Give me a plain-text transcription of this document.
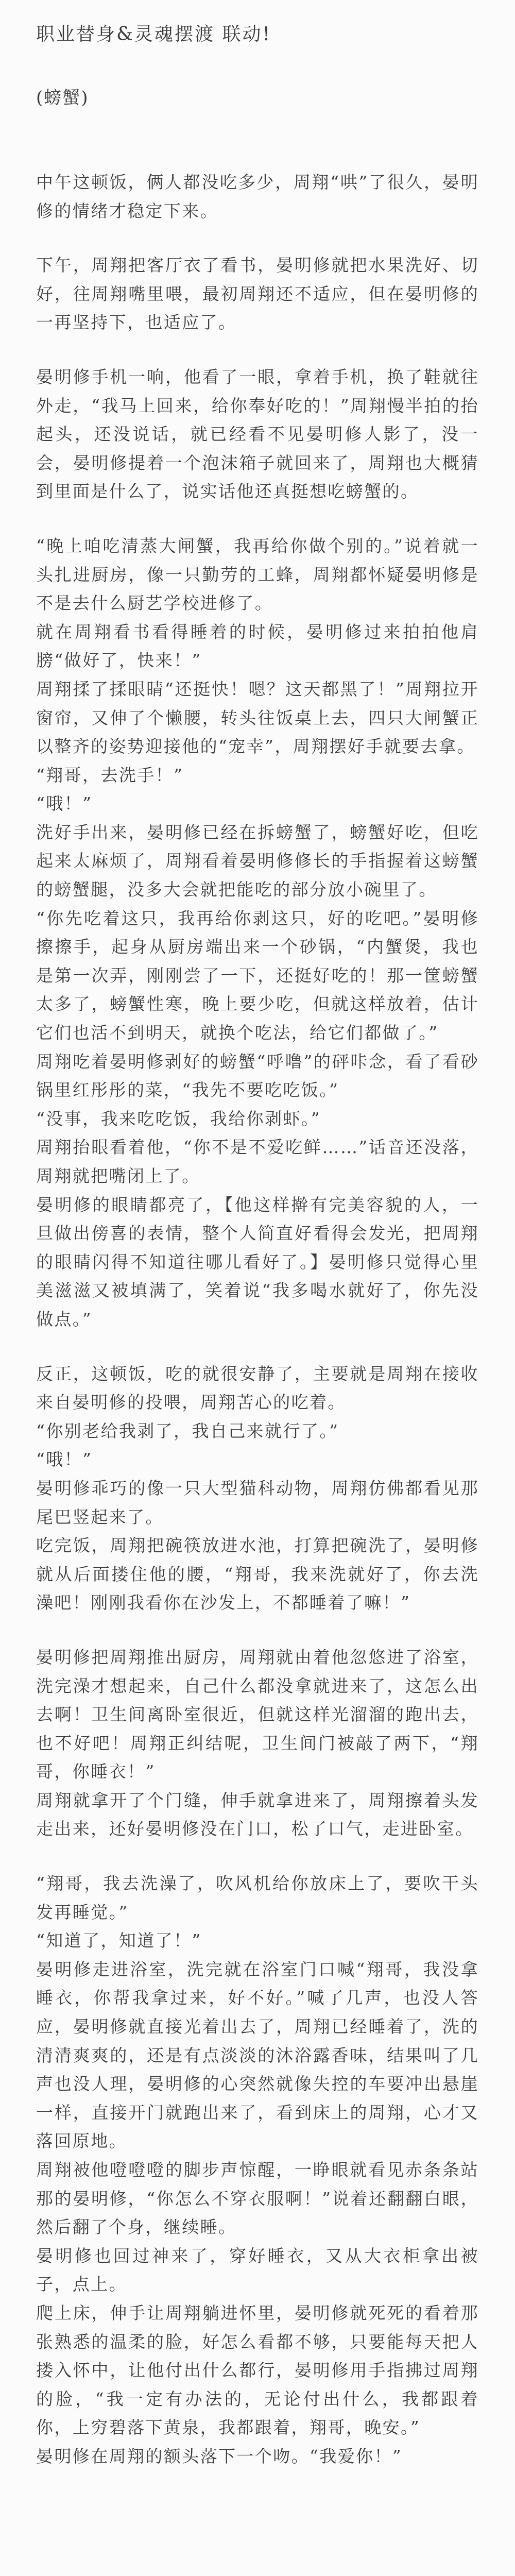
职业替身&灵魂摆渡 联动!
(螃蟹)

中午这顿饭，俩人都没吃多少，周翔“哄”了很久，晏明修的情绪才稳定下来。

下午，周翔把客厅衣了看书，晏明修就把水果洗好、切好，往周翔嘴里喂，最初周翔还不适应，但在晏明修的一再坚持下，也适应了。

晏明修手机一响，他看了一眼，拿着手机，换了鞋就往外走，“我马上回来，给你奉好吃的！”周翔慢半拍的抬起头，还没说话，就已经看不见晏明修人影了，没一会，晏明修提着一个泡沫箱子就回来了，周翔也大概猜到里面是什么了，说实话他还真挺想吃螃蟹的。

“晚上咱吃清蒸大闸蟹，我再给你做个别的。”说着就一头扎进厨房，像一只勤劳的工蜂，周翔都怀疑晏明修是不是去什么厨艺学校进修了。

就在周翔看书看得睡着的时候，晏明修过来拍拍他肩膀“做好了，快来！”

周翔揉了揉眼睛“还挺快！嗯？这天都黑了！”周翔拉开窗帘，又伸了个懒腰，转头往饭桌上去，四只大闸蟹正以整齐的姿势迎接他的“宠幸”，周翔摆好手就要去拿。

“翔哥，去洗手！”

“哦！”

洗好手出来，晏明修已经在拆螃蟹了，螃蟹好吃，但吃起来太麻烦了，周翔看着晏明修修长的手指握着这螃蟹的螃蟹腿，没多大会就把能吃的部分放小碗里了。

“你先吃着这只，我再给你剥这只，好的吃吧。”晏明修擦擦手，起身从厨房端出来一个砂锅，“内蟹煲，我也是第一次弄，刚刚尝了一下，还挺好吃的！那一筐螃蟹太多了，螃蟹性寒，晚上要少吃，但就这样放着，估计它们也活不到明天，就换个吃法，给它们都做了。”

周翔吃着晏明修剥好的螃蟹“呼噜”的砰咔念，看了看砂锅里红彤彤的菜，“我先不要吃吃饭。”

“没事，我来吃吃饭，我给你剥虾。”

周翔抬眼看着他，“你不是不爱吃鲜……”话音还没落，周翔就把嘴闭上了。

晏明修的眼睛都亮了，【他这样擀有完美容貌的人，一旦做出傍喜的表情，整个人简直好看得会发光，把周翔的眼睛闪得不知道往哪儿看好了。】晏明修只觉得心里美滋滋又被填满了，笑着说“我多喝水就好了，你先没做点。”

反正，这顿饭，吃的就很安静了，主要就是周翔在接收来自晏明修的投喂，周翔苦心的吃着。

“你别老给我剥了，我自己来就行了。”

“哦！”

晏明修乖巧的像一只大型猫科动物，周翔仿佛都看见那尾巴竖起来了。

吃完饭，周翔把碗筷放进水池，打算把碗洗了，晏明修就从后面搂住他的腰，“翔哥，我来洗就好了，你去洗澡吧！刚刚我看你在沙发上，不都睡着了嘛！”

晏明修把周翔推出厨房，周翔就由着他忽悠进了浴室，洗完澡才想起来，自己什么都没拿就进来了，这怎么出去啊！卫生间离卧室很近，但就这样光溜溜的跑出去，也不好吧！周翔正纠结呢，卫生间门被敲了两下，“翔哥，你睡衣！”

周翔就拿开了个门缝，伸手就拿进来了，周翔擦着头发走出来，还好晏明修没在门口，松了口气，走进卧室。

“翔哥，我去洗澡了，吹风机给你放床上了，要吹干头发再睡觉。”

“知道了，知道了！”

晏明修走进浴室，洗完就在浴室门口喊“翔哥，我没拿睡衣，你帮我拿过来，好不好。”喊了几声，也没人答应，晏明修就直接光着出去了，周翔已经睡着了，洗的清清爽爽的，还是有点淡淡的沐浴露香味，结果叫了几声也没人理，晏明修的心突然就像失控的车要冲出悬崖一样，直接开门就跑出来了，看到床上的周翔，心才又落回原地。

周翔被他噔噔噔的脚步声惊醒，一睁眼就看见赤条条站那的晏明修，“你怎么不穿衣服啊！”说着还翻翻白眼，然后翻了个身，继续睡。

晏明修也回过神来了，穿好睡衣，又从大衣柜拿出被子，点上。

爬上床，伸手让周翔躺进怀里，晏明修就死死的看着那张熟悉的温柔的脸，好怎么看都不够，只要能每天把人搂入怀中，让他付出什么都行，晏明修用手指拂过周翔的脸，“我一定有办法的，无论付出什么，我都跟着你，上穷碧落下黄泉，我都跟着，翔哥，晚安。”

晏明修在周翔的额头落下一个吻。“我爱你！”
